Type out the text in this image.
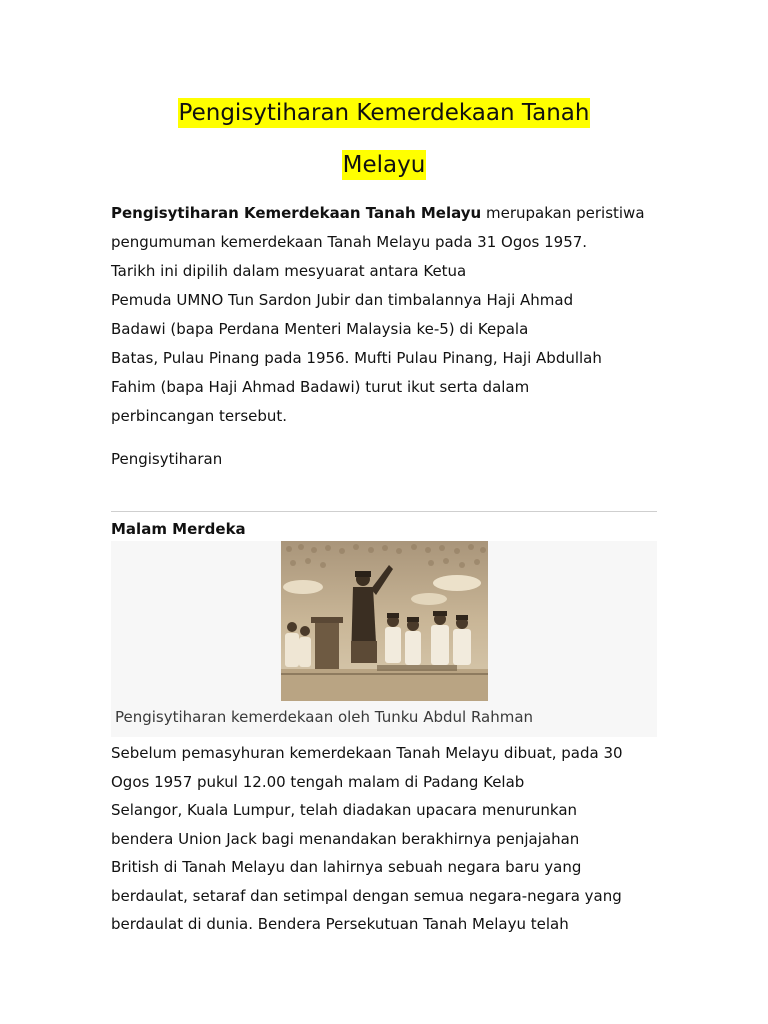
Pengisytiharan Kemerdekaan Tanah
Melayu

Pengisytiharan Kemerdekaan Tanah Melayu merupakan peristiwa
pengumuman kemerdekaan Tanah Melayu pada 31 Ogos 1957.
Tarikh ini dipilih dalam mesyuarat antara Ketua
Pemuda UMNO Tun Sardon Jubir dan timbalannya Haji Ahmad
Badawi (bapa Perdana Menteri Malaysia ke-5) di Kepala
Batas, Pulau Pinang pada 1956. Mufti Pulau Pinang, Haji Abdullah
Fahim (bapa Haji Ahmad Badawi) turut ikut serta dalam
perbincangan tersebut.

Pengisytiharan

Malam Merdeka
Pengisytiharan kemerdekaan oleh Tunku Abdul Rahman

Sebelum pemasyhuran kemerdekaan Tanah Melayu dibuat, pada 30
Ogos 1957 pukul 12.00 tengah malam di Padang Kelab
Selangor, Kuala Lumpur, telah diadakan upacara menurunkan
bendera Union Jack bagi menandakan berakhirnya penjajahan
British di Tanah Melayu dan lahirnya sebuah negara baru yang
berdaulat, setaraf dan setimpal dengan semua negara-negara yang
berdaulat di dunia. Bendera Persekutuan Tanah Melayu telah
